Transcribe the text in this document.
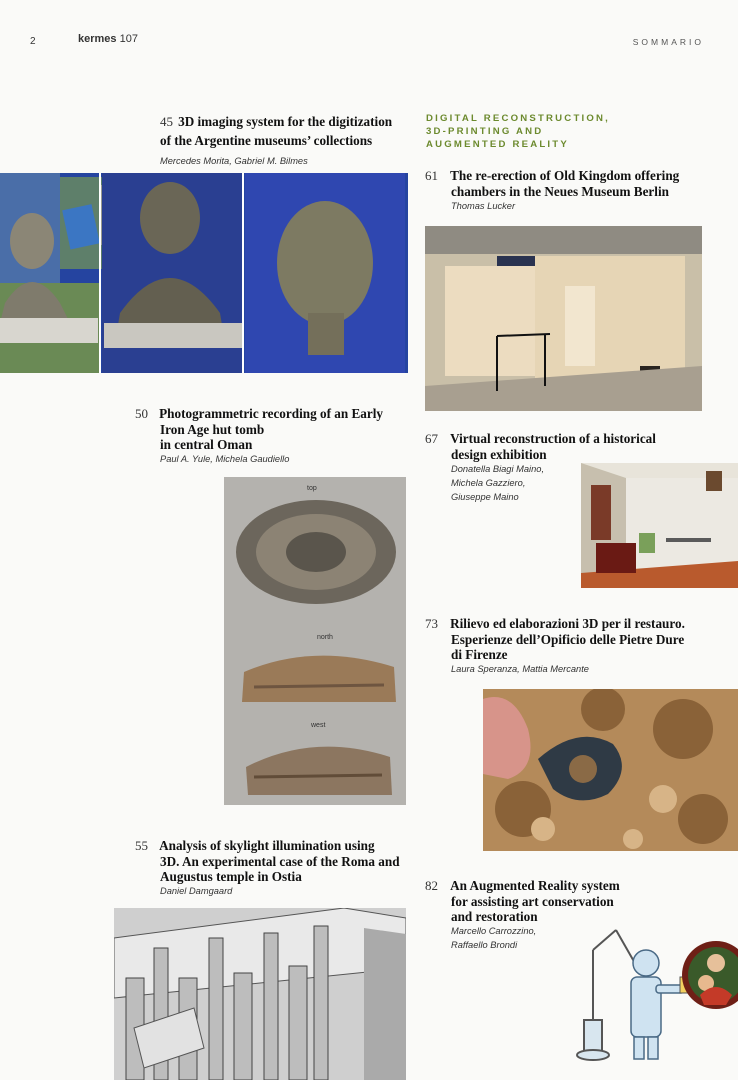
2	kermes 107	SOMMARIO
45 3D imaging system for the digitization
of the Argentine museums’ collections
Mercedes Morita, Gabriel M. Bilmes
50 Photogrammetric recording of an Early
Iron Age hut tomb
in central Oman
Paul A. Yule, Michela Gaudiello
top
north
west
55 Analysis of skylight illumination using
3D. An experimental case of the Roma and
Augustus temple in Ostia
Daniel Damgaard
DIGITAL RECONSTRUCTION,
3D-PRINTING AND
AUGMENTED REALITY
61 The re-erection of Old Kingdom offering
chambers in the Neues Museum Berlin
Thomas Lucker
67 Virtual reconstruction of a historical
design exhibition
Donatella Biagi Maino,
Michela Gazziero,
Giuseppe Maino
73 Rilievo ed elaborazioni 3D per il restauro.
Esperienze dell’Opificio delle Pietre Dure
di Firenze
Laura Speranza, Mattia Mercante
82 An Augmented Reality system
for assisting art conservation
and restoration
Marcello Carrozzino,
Raffaello Brondi
